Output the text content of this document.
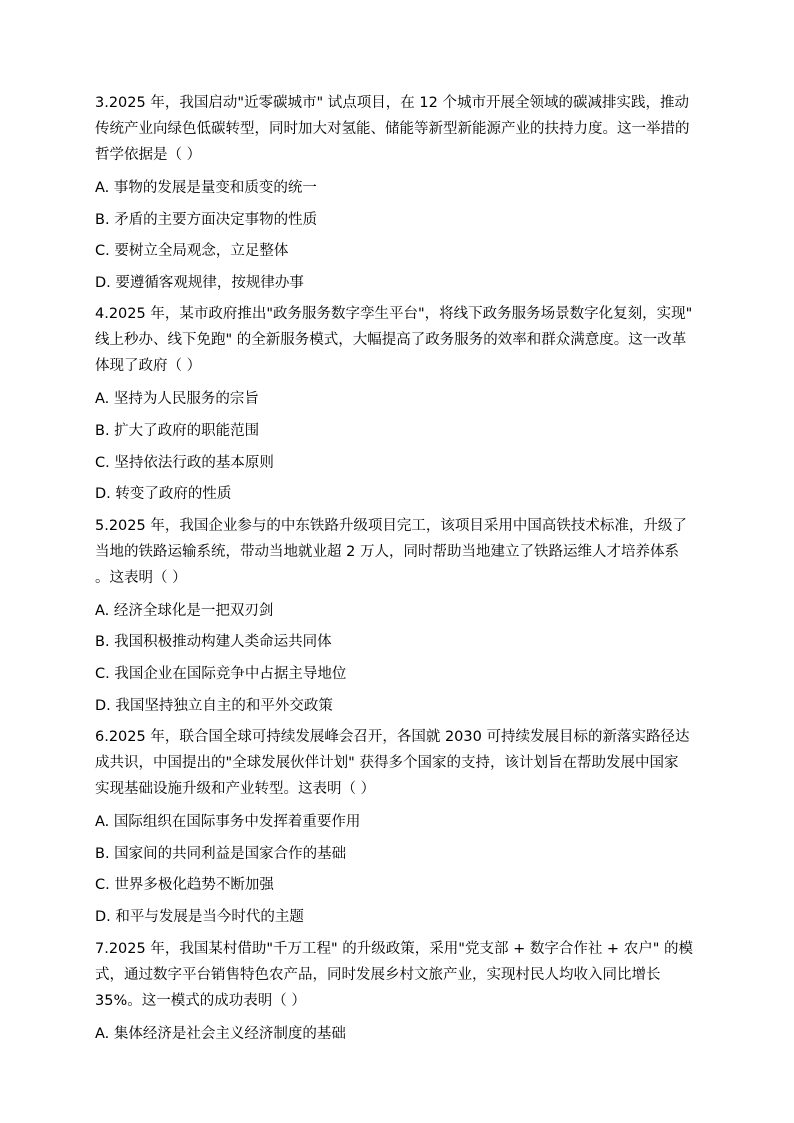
3.2025 年，我国启动"近零碳城市" 试点项目，在 12 个城市开展全领域的碳减排实践，推动
传统产业向绿色低碳转型，同时加大对氢能、储能等新型新能源产业的扶持力度。这一举措的
哲学依据是（ ）
A. 事物的发展是量变和质变的统一
B. 矛盾的主要方面决定事物的性质
C. 要树立全局观念，立足整体
D. 要遵循客观规律，按规律办事
4.2025 年，某市政府推出"政务服务数字孪生平台"，将线下政务服务场景数字化复刻，实现"
线上秒办、线下免跑" 的全新服务模式，大幅提高了政务服务的效率和群众满意度。这一改革
体现了政府（ ）
A. 坚持为人民服务的宗旨
B. 扩大了政府的职能范围
C. 坚持依法行政的基本原则
D. 转变了政府的性质
5.2025 年，我国企业参与的中东铁路升级项目完工，该项目采用中国高铁技术标准，升级了
当地的铁路运输系统，带动当地就业超 2 万人，同时帮助当地建立了铁路运维人才培养体系
。这表明（ ）
A. 经济全球化是一把双刃剑
B. 我国积极推动构建人类命运共同体
C. 我国企业在国际竞争中占据主导地位
D. 我国坚持独立自主的和平外交政策
6.2025 年，联合国全球可持续发展峰会召开，各国就 2030 可持续发展目标的新落实路径达
成共识，中国提出的"全球发展伙伴计划" 获得多个国家的支持，该计划旨在帮助发展中国家
实现基础设施升级和产业转型。这表明（ ）
A. 国际组织在国际事务中发挥着重要作用
B. 国家间的共同利益是国家合作的基础
C. 世界多极化趋势不断加强
D. 和平与发展是当今时代的主题
7.2025 年，我国某村借助"千万工程" 的升级政策，采用"党支部 + 数字合作社 + 农户" 的模
式，通过数字平台销售特色农产品，同时发展乡村文旅产业，实现村民人均收入同比增长
35%。这一模式的成功表明（ ）
A. 集体经济是社会主义经济制度的基础
